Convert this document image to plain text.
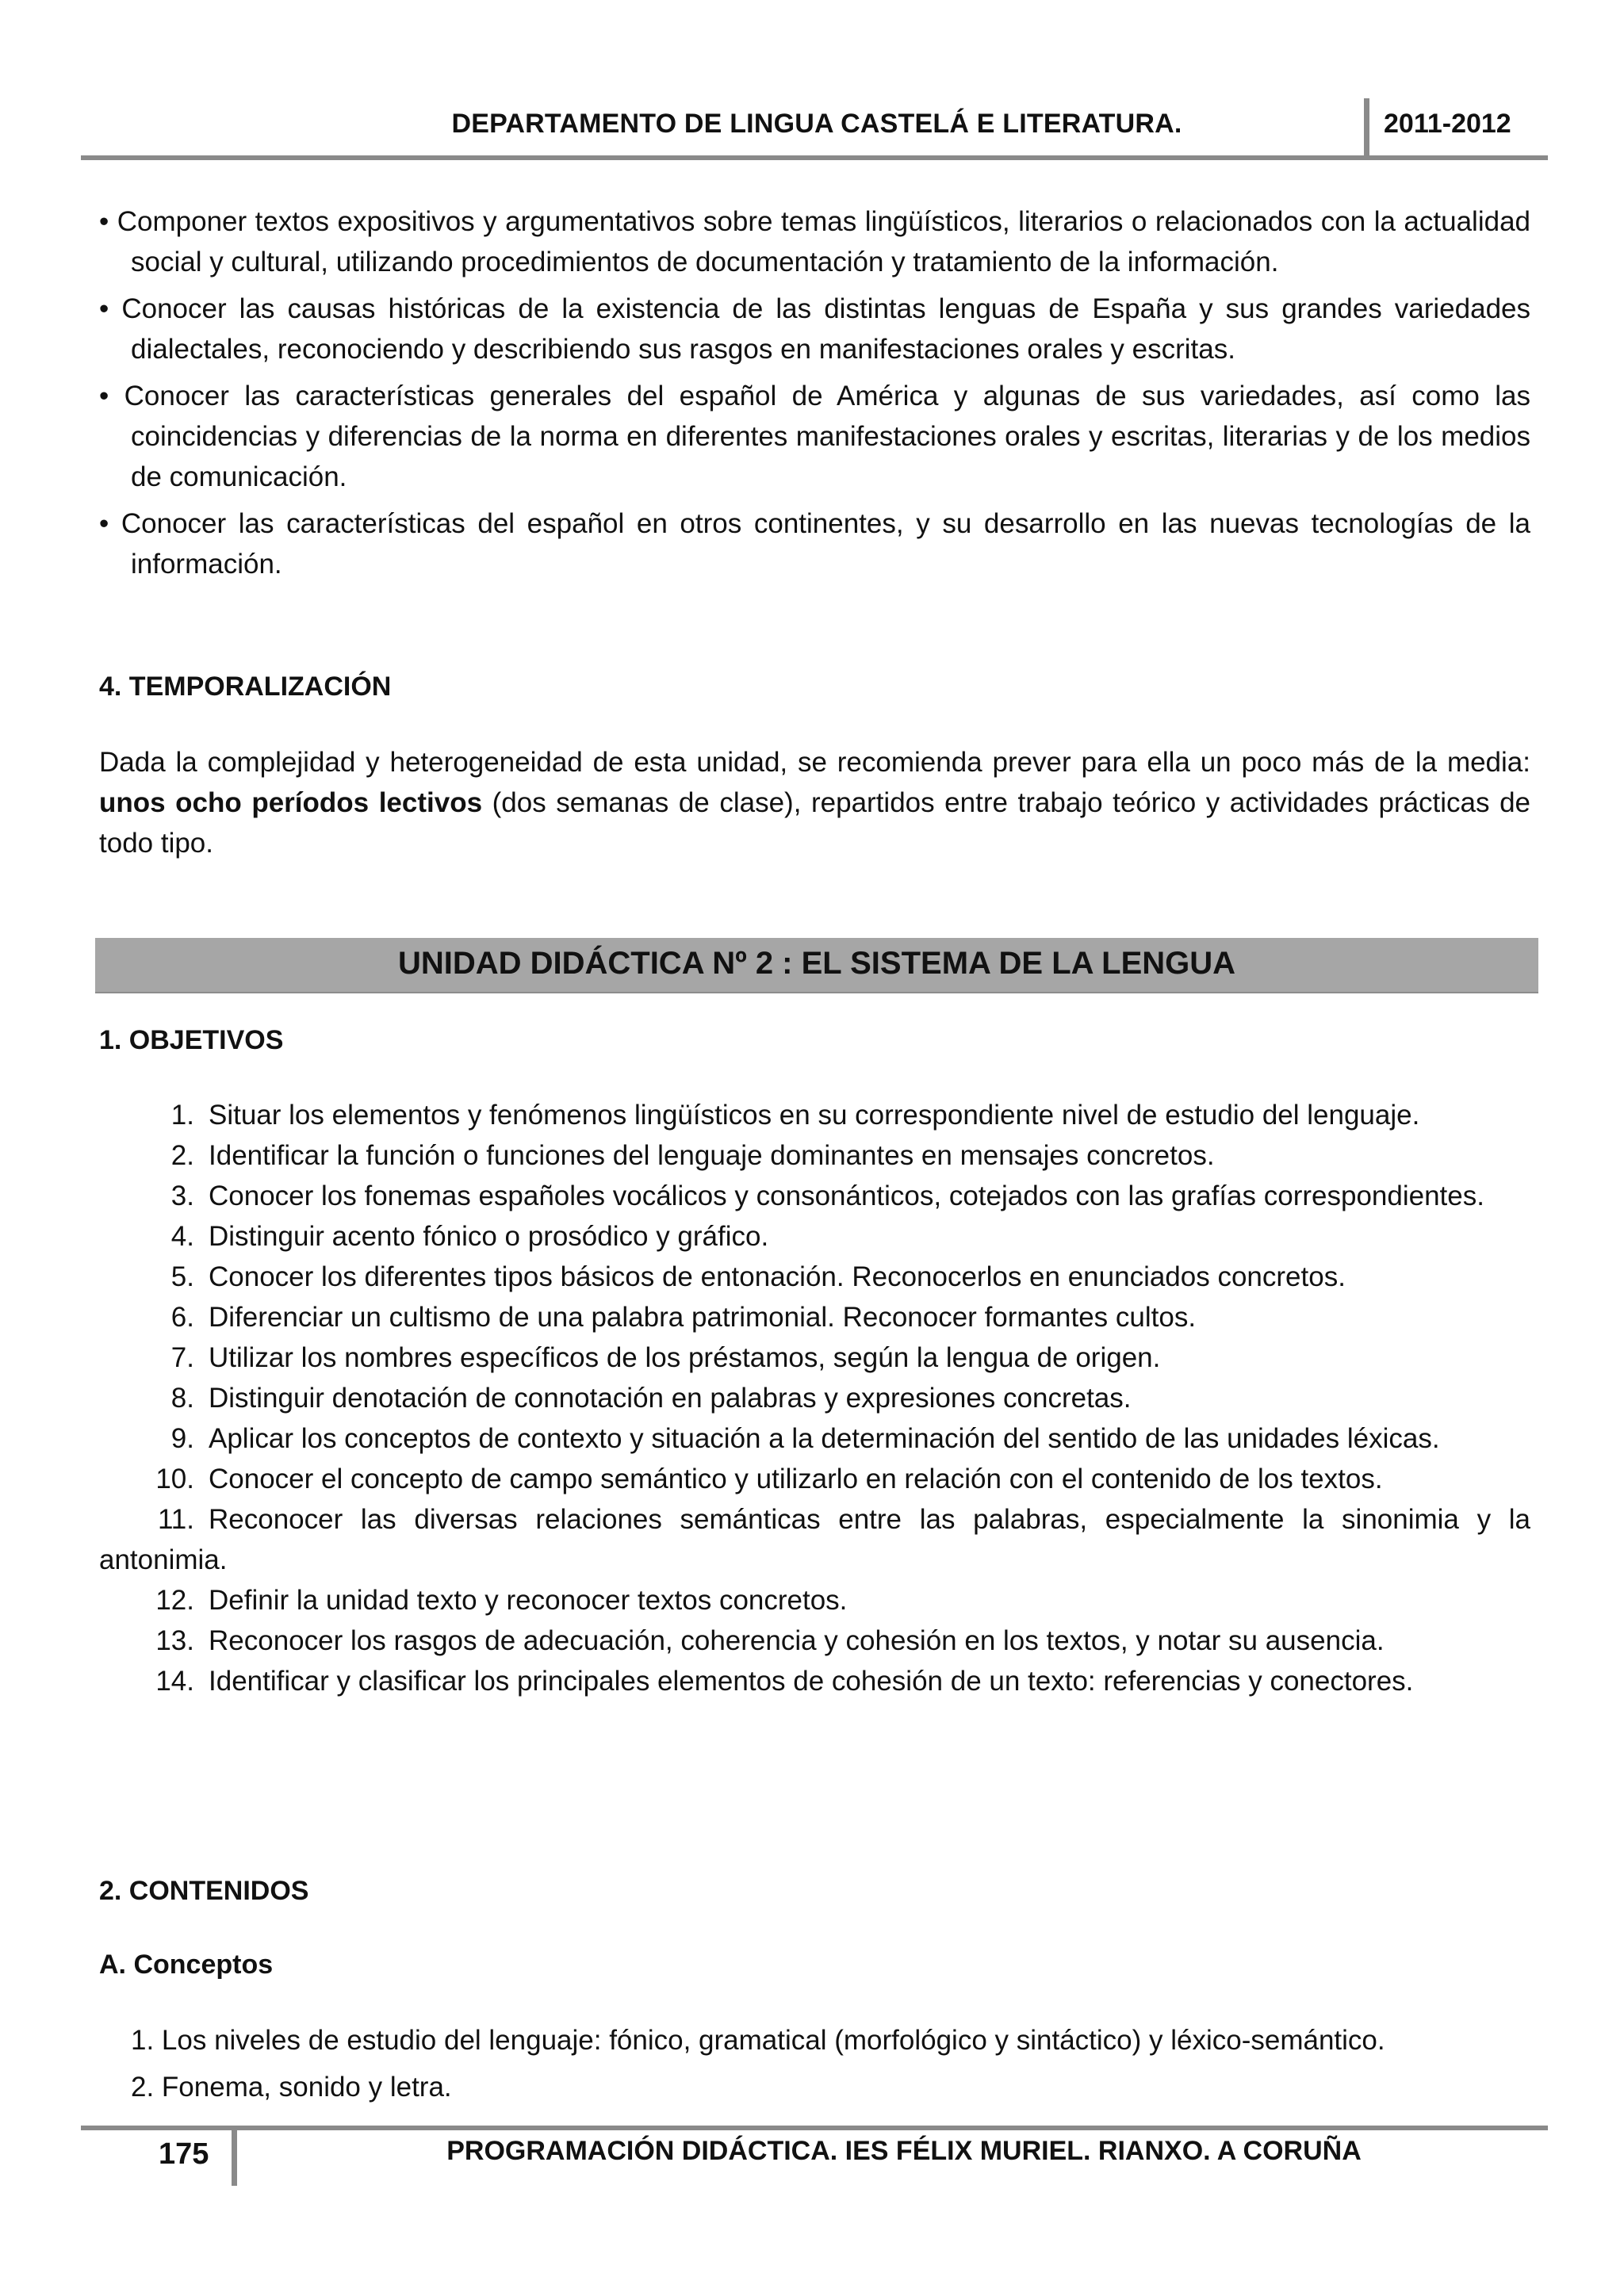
DEPARTAMENTO DE LINGUA CASTELÁ E LITERATURA.	2011-2012

• Componer textos expositivos y argumentativos sobre temas lingüísticos, literarios o relacionados con la actualidad social y cultural, utilizando procedimientos de documentación y tratamiento de la información.

• Conocer las causas históricas de la existencia de las distintas lenguas de España y sus grandes variedades dialectales, reconociendo y describiendo sus rasgos en manifestaciones orales y escritas.

• Conocer las características generales del español de América y algunas de sus variedades, así como las coincidencias y diferencias de la norma en diferentes manifestaciones orales y escritas, literarias y de los medios de comunicación.

• Conocer las características del español en otros continentes, y su desarrollo en las nuevas tecnologías de la información.

4. TEMPORALIZACIÓN

Dada la complejidad y heterogeneidad de esta unidad, se recomienda prever para ella un poco más de la media: unos ocho períodos lectivos (dos semanas de clase), repartidos entre trabajo teórico y actividades prácticas de todo tipo.

UNIDAD DIDÁCTICA Nº 2 : EL SISTEMA DE LA LENGUA
1. OBJETIVOS

1. Situar los elementos y fenómenos lingüísticos en su correspondiente nivel de estudio del lenguaje.

2. Identificar la función o funciones del lenguaje dominantes en mensajes concretos.

3. Conocer los fonemas españoles vocálicos y consonánticos, cotejados con las grafías correspondientes.

4. Distinguir acento fónico o prosódico y gráfico.

5. Conocer los diferentes tipos básicos de entonación. Reconocerlos en enunciados concretos.

6. Diferenciar un cultismo de una palabra patrimonial. Reconocer formantes cultos.

7. Utilizar los nombres específicos de los préstamos, según la lengua de origen.

8. Distinguir denotación de connotación en palabras y expresiones concretas.

9. Aplicar los conceptos de contexto y situación a la determinación del sentido de las unidades léxicas.

10. Conocer el concepto de campo semántico y utilizarlo en relación con el contenido de los textos.

11. Reconocer las diversas relaciones semánticas entre las palabras, especialmente la sinonimia y la antonimia.

12. Definir la unidad texto y reconocer textos concretos.

13. Reconocer los rasgos de adecuación, coherencia y cohesión en los textos, y notar su ausencia.

14. Identificar y clasificar los principales elementos de cohesión de un texto: referencias y conectores.

2. CONTENIDOS
A. Conceptos
1. Los niveles de estudio del lenguaje: fónico, gramatical (morfológico y sintáctico) y léxico-semántico.
2. Fonema, sonido y letra.
175	PROGRAMACIÓN DIDÁCTICA. IES FÉLIX MURIEL. RIANXO. A CORUÑA
